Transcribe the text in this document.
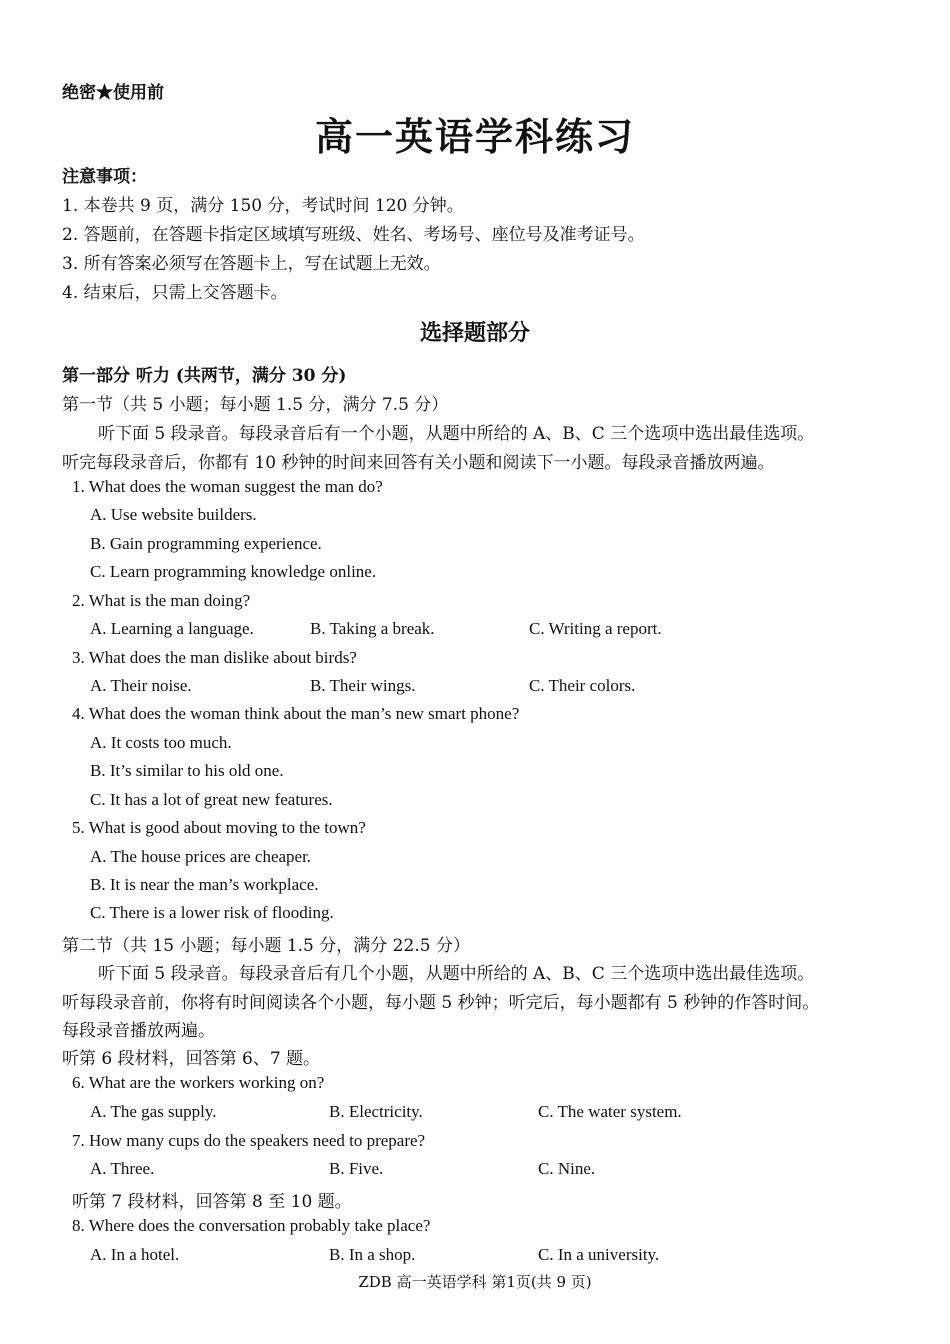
绝密★使用前
高一英语学科练习
注意事项：
1. 本卷共 9 页，满分 150 分，考试时间 120 分钟。
2. 答题前，在答题卡指定区域填写班级、姓名、考场号、座位号及准考证号。
3. 所有答案必须写在答题卡上，写在试题上无效。
4. 结束后，只需上交答题卡。
选择题部分
第一部分 听力 (共两节，满分 30 分)
第一节（共 5 小题；每小题 1.5 分，满分 7.5 分）
听下面 5 段录音。每段录音后有一个小题，从题中所给的 A、B、C 三个选项中选出最佳选项。
听完每段录音后，你都有 10 秒钟的时间来回答有关小题和阅读下一小题。每段录音播放两遍。
1. What does the woman suggest the man do?
A. Use website builders.
B. Gain programming experience.
C. Learn programming knowledge online.
2. What is the man doing?
A. Learning a language.	B. Taking a break.	C. Writing a report.
3. What does the man dislike about birds?
A. Their noise.	B. Their wings.	C. Their colors.
4. What does the woman think about the man’s new smart phone?
A. It costs too much.
B. It’s similar to his old one.
C. It has a lot of great new features.
5. What is good about moving to the town?
A. The house prices are cheaper.
B. It is near the man’s workplace.
C. There is a lower risk of flooding.
第二节（共 15 小题；每小题 1.5 分，满分 22.5 分）
听下面 5 段录音。每段录音后有几个小题，从题中所给的 A、B、C 三个选项中选出最佳选项。
听每段录音前，你将有时间阅读各个小题，每小题 5 秒钟；听完后，每小题都有 5 秒钟的作答时间。
每段录音播放两遍。
听第 6 段材料，回答第 6、7 题。
6. What are the workers working on?
A. The gas supply.	B. Electricity.	C. The water system.
7. How many cups do the speakers need to prepare?
A. Three.	B. Five.	C. Nine.
听第 7 段材料，回答第 8 至 10 题。
8. Where does the conversation probably take place?
A. In a hotel.	B. In a shop.	C. In a university.
ZDB 高一英语学科 第1页(共 9 页)
